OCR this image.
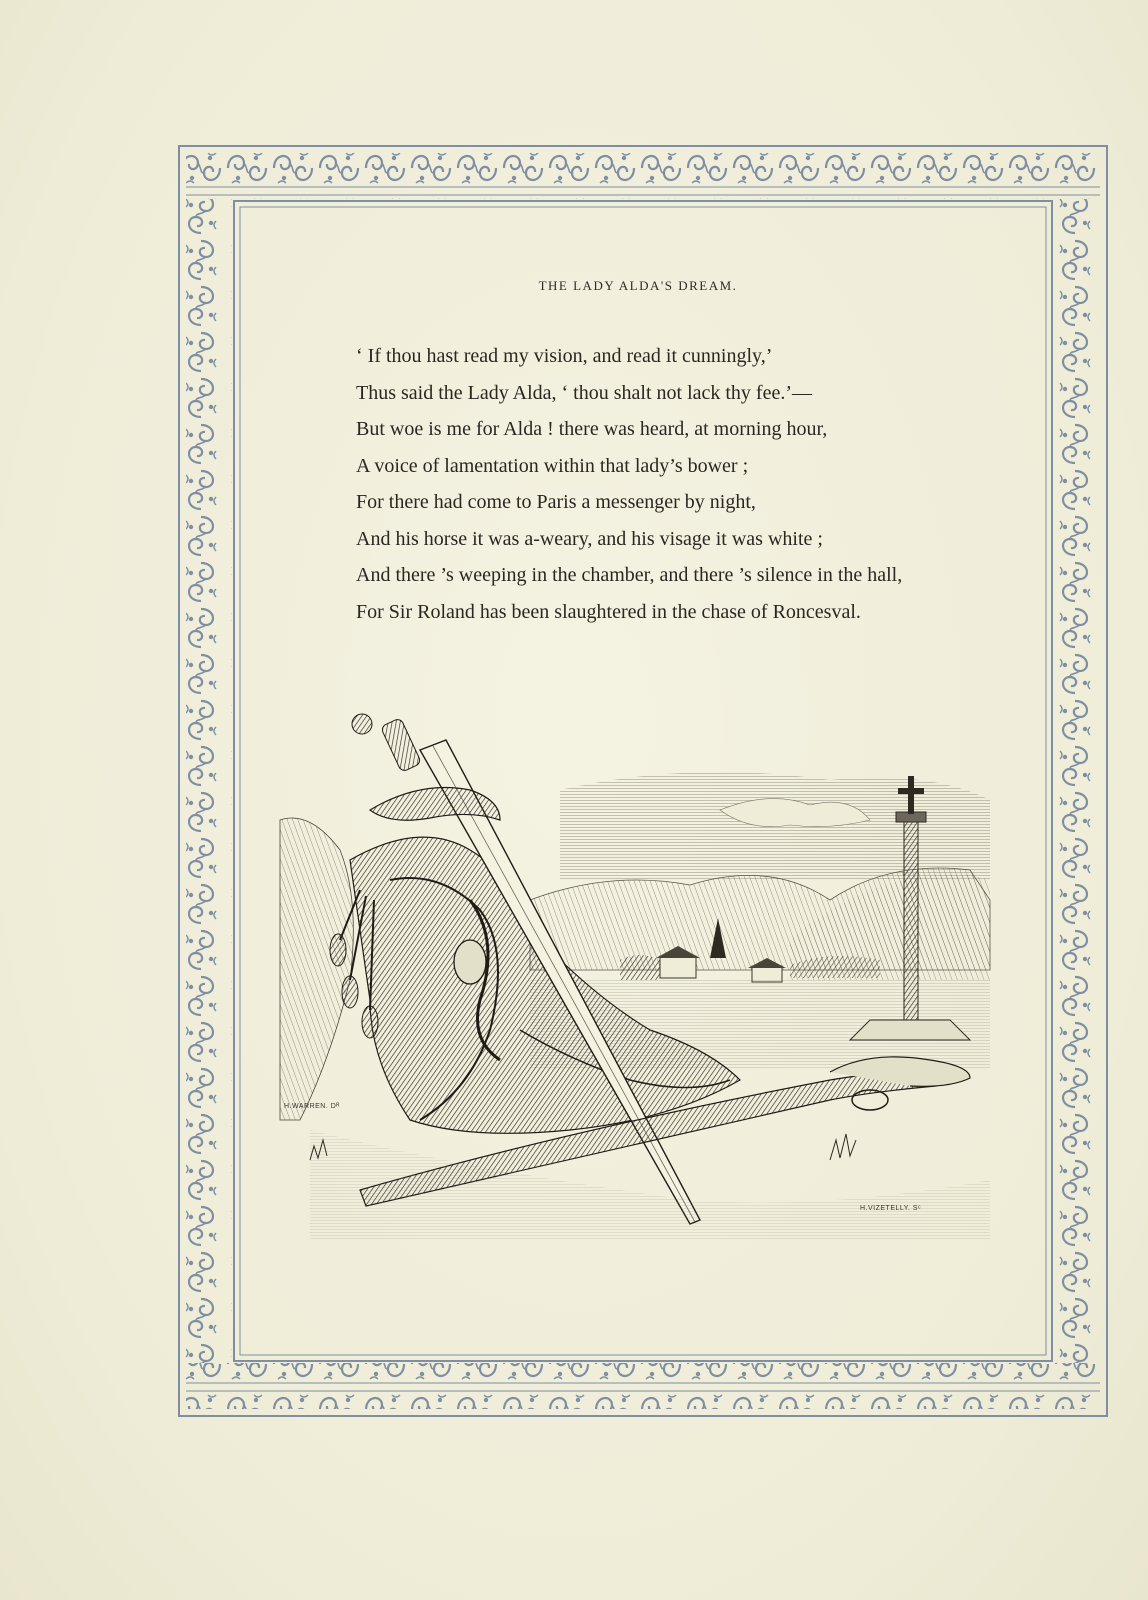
THE LADY ALDA'S DREAM.
‘ If thou hast read my vision, and read it cunningly,’
Thus said the Lady Alda, ‘ thou shalt not lack thy fee.’—
But woe is me for Alda ! there was heard, at morning hour,
A voice of lamentation within that lady’s bower ;
For there had come to Paris a messenger by night,
And his horse it was a-weary, and his visage it was white ;
And there ’s weeping in the chamber, and there ’s silence in the hall,
For Sir Roland has been slaughtered in the chase of Roncesval.
H.WARREN. Dᴿ
H.VIZETELLY. Sᶜ
